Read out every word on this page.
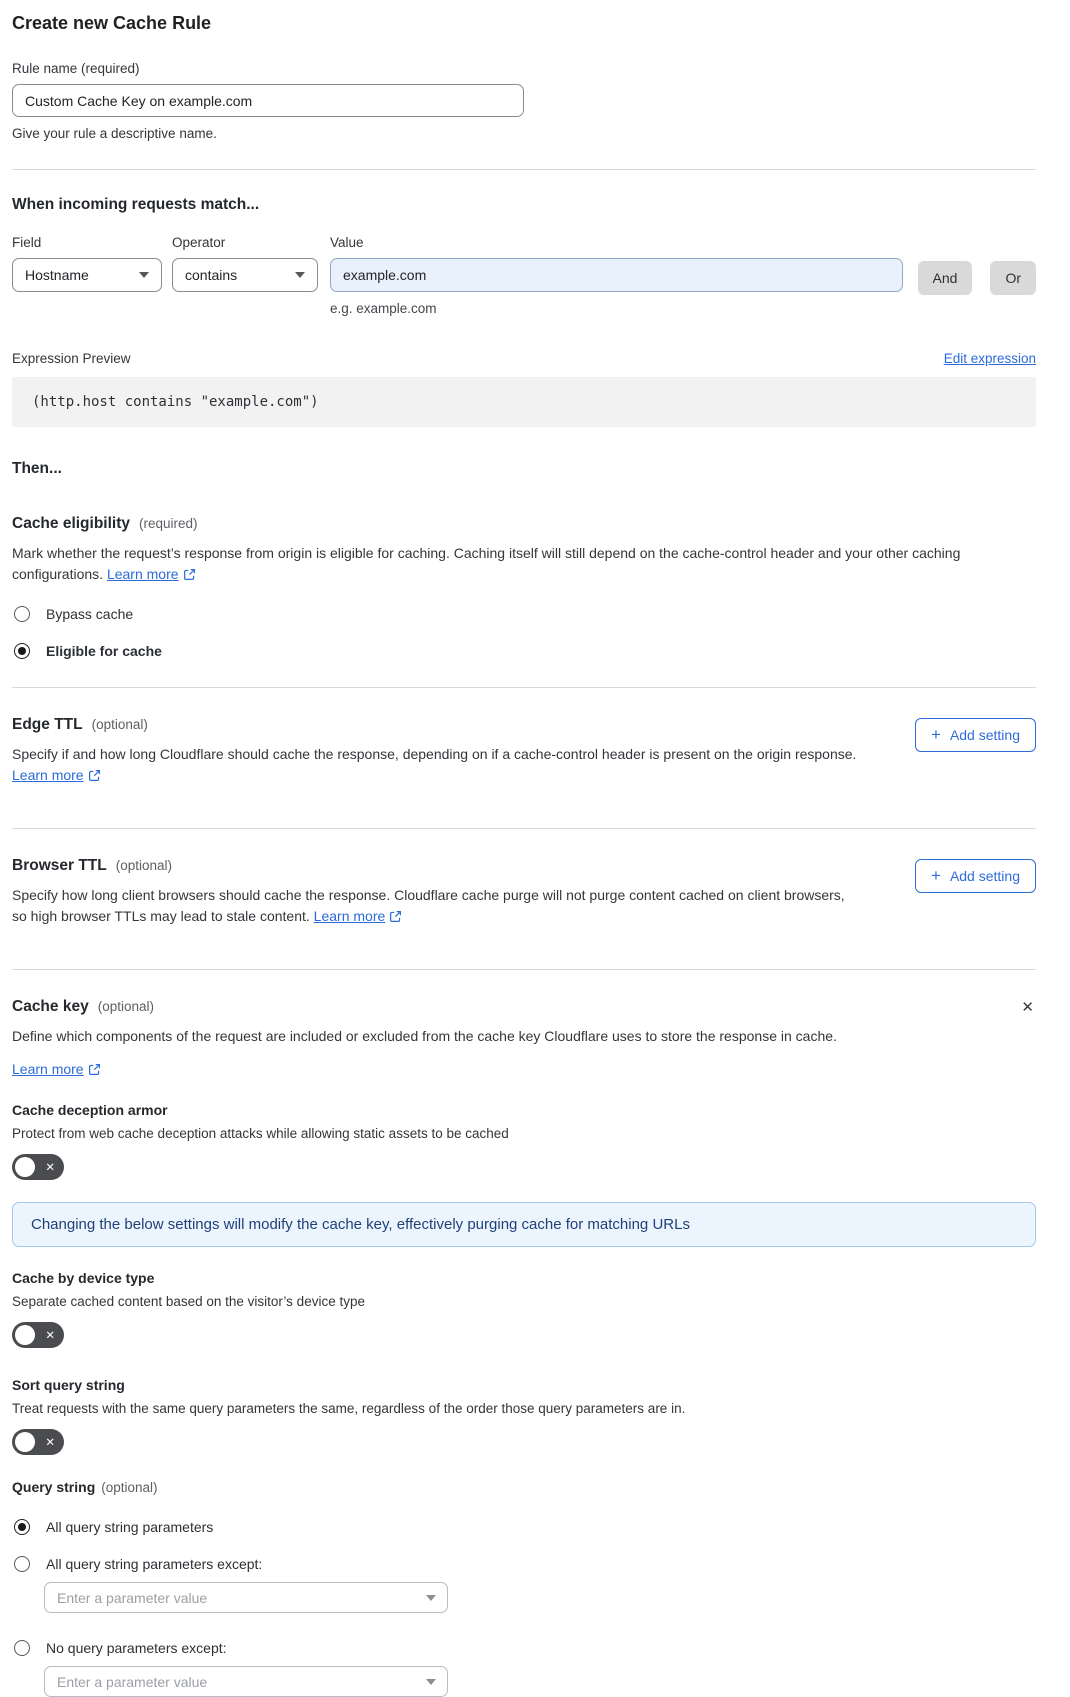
Create new Cache Rule
Rule name (required)
Custom Cache Key on example.com
Give your rule a descriptive name.
When incoming requests match...
Field
Hostname
Operator
contains
Value
example.com
e.g. example.com
And	Or
Expression Preview	Edit expression
(http.host contains "example.com")
Then...
Cache eligibility (required)

Mark whether the request’s response from origin is eligible for caching. Caching itself will still depend on the cache-control header and your other caching configurations. Learn more

Bypass cache
Eligible for cache
Edge TTL (optional)

Specify if and how long Cloudflare should cache the response, depending on if a cache-control header is present on the origin response. Learn more

+ Add setting
Browser TTL (optional)

Specify how long client browsers should cache the response. Cloudflare cache purge will not purge content cached on client browsers, so high browser TTLs may lead to stale content. Learn more

+ Add setting
Cache key (optional)	✕

Define which components of the request are included or excluded from the cache key Cloudflare uses to store the response in cache.

Learn more
Cache deception armor
Protect from web cache deception attacks while allowing static assets to be cached
✕
Changing the below settings will modify the cache key, effectively purging cache for matching URLs
Cache by device type
Separate cached content based on the visitor’s device type
✕
Sort query string
Treat requests with the same query parameters the same, regardless of the order those query parameters are in.
✕
Query string (optional)
All query string parameters
All query string parameters except:
Enter a parameter value
No query parameters except:
Enter a parameter value
